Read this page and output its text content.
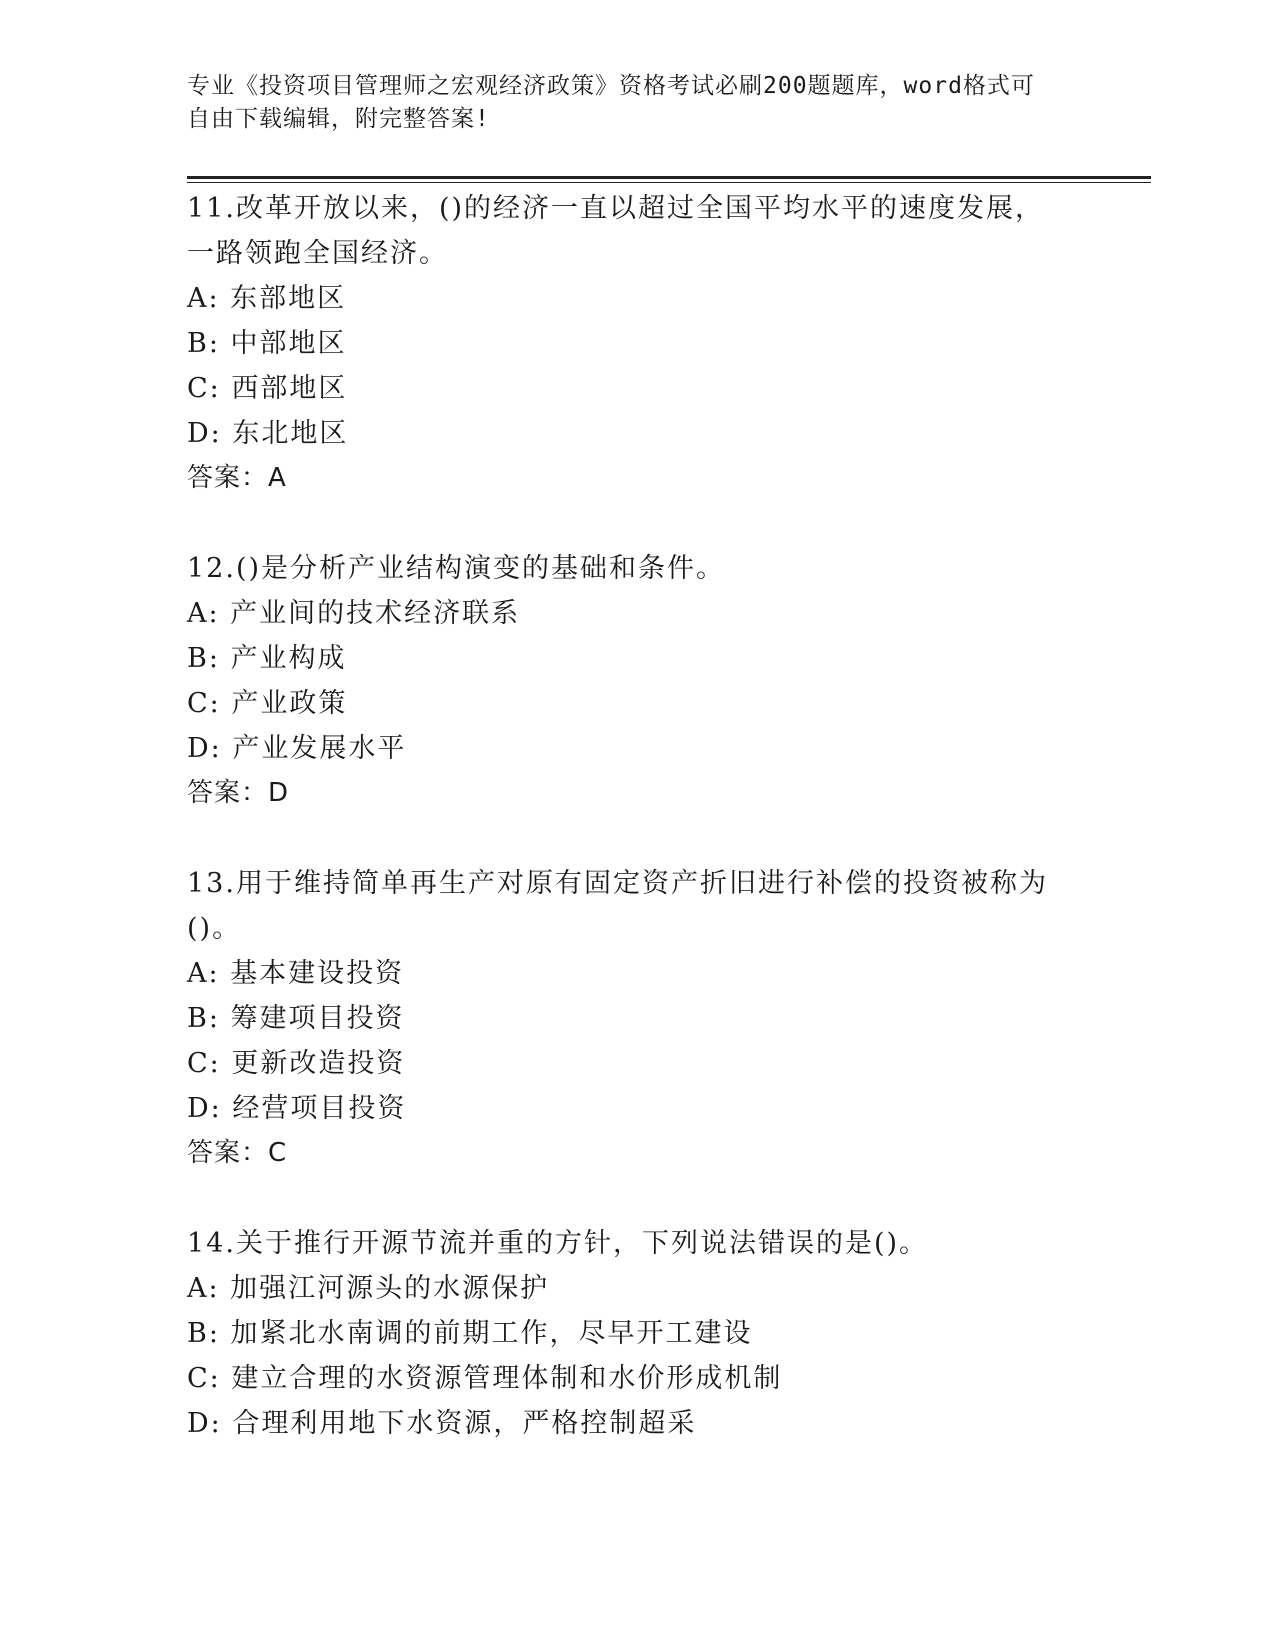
专业《投资项目管理师之宏观经济政策》资格考试必刷200题题库，word格式可
自由下载编辑，附完整答案!
11.改革开放以来，()的经济一直以超过全国平均水平的速度发展，一路领跑全国经济。
A: 东部地区
B: 中部地区
C: 西部地区
D: 东北地区
答案：A
12.()是分析产业结构演变的基础和条件。
A: 产业间的技术经济联系
B: 产业构成
C: 产业政策
D: 产业发展水平
答案：D
13.用于维持简单再生产对原有固定资产折旧进行补偿的投资被称为()。
A: 基本建设投资
B: 筹建项目投资
C: 更新改造投资
D: 经营项目投资
答案：C
14.关于推行开源节流并重的方针，下列说法错误的是()。
A: 加强江河源头的水源保护
B: 加紧北水南调的前期工作，尽早开工建设
C: 建立合理的水资源管理体制和水价形成机制
D: 合理利用地下水资源，严格控制超采
